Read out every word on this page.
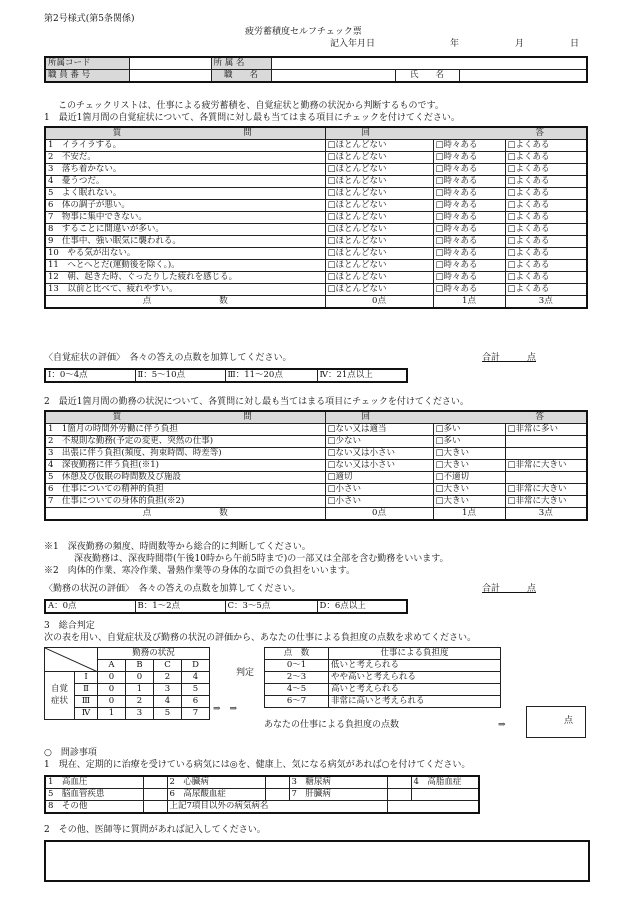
第2号様式(第5条関係)
疲労蓄積度セルフチェック票
記入年月日	年	月	日
所属コード		所 属 名			
職 員 番 号		職　　名		氏　　名	
このチェックリストは、仕事による疲労蓄積を、自覚症状と勤務の状況から判断するものです。
1　最近1箇月間の自覚症状について、各質問に対し最も当てはまる項目にチェックを付けてください。
質　　　　　　　　問	回　　　　　　　　　　　答		
1　イライラする。	□ほとんどない	□時々ある	□よくある
2　不安だ。	□ほとんどない	□時々ある	□よくある
3　落ち着かない。	□ほとんどない	□時々ある	□よくある
4　憂うつだ。	□ほとんどない	□時々ある	□よくある
5　よく眠れない。	□ほとんどない	□時々ある	□よくある
6　体の調子が悪い。	□ほとんどない	□時々ある	□よくある
7　物事に集中できない。	□ほとんどない	□時々ある	□よくある
8　することに間違いが多い。	□ほとんどない	□時々ある	□よくある
9　仕事中、強い眠気に襲われる。	□ほとんどない	□時々ある	□よくある
10　やる気が出ない。	□ほとんどない	□時々ある	□よくある
11　へとへとだ(運動後を除く。)。	□ほとんどない	□時々ある	□よくある
12　朝、起きた時、ぐったりした疲れを感じる。	□ほとんどない	□時々ある	□よくある
13　以前と比べて、疲れやすい。	□ほとんどない	□時々ある	□よくある
点　　　　　　　　数	0点	1点	3点
〈自覚症状の評価〉　各々の答えの点数を加算してください。	合計　　　点
Ⅰ：0～4点	Ⅱ：5～10点	Ⅲ：11～20点	Ⅳ：21点以上
2　最近1箇月間の勤務の状況について、各質問に対し最も当てはまる項目にチェックを付けてください。
質　　　　　　　　問	回　　　　　　　　　　　答		
1　1箇月の時間外労働に伴う負担	□ない又は適当	□多い	□非常に多い
2　不規則な勤務(予定の変更、突然の仕事)	□少ない	□多い	
3　出張に伴う負担(頻度、拘束時間、時差等)	□ない又は小さい	□大きい	
4　深夜勤務に伴う負担(※1)	□ない又は小さい	□大きい	□非常に大きい
5　休憩及び仮眠の時間数及び施設	□適切	□不適切	
6　仕事についての精神的負担	□小さい	□大きい	□非常に大きい
7　仕事についての身体的負担(※2)	□小さい	□大きい	□非常に大きい
点　　　　　　　　数	0点	1点	3点
※1　深夜勤務の頻度、時間数等から総合的に判断してください。
深夜勤務は、深夜時間帯(午後10時から午前5時まで)の一部又は全部を含む勤務をいいます。
※2　肉体的作業、寒冷作業、暑熱作業等の身体的な面での負担をいいます。
〈勤務の状況の評価〉　各々の答えの点数を加算してください。	合計　　　点
A：0点	B：1～2点	C：3～5点	D：6点以上
3　総合判定
次の表を用い、自覚症状及び勤務の状況の評価から、あなたの仕事による負担度の点数を求めてください。
	勤務の状況			
		A	B	C	D
自覚症状	Ⅰ	0	0	2	4
	Ⅱ	0	1	3	5
	Ⅲ	0	2	4	6
	Ⅳ	1	3	5	7 ⇒　⇒
判定
点　数	仕事による負担度
0～1	低いと考えられる
2～3	やや高いと考えられる
4～5	高いと考えられる
6～7	非常に高いと考えられる
あなたの仕事による負担度の点数	⇒	点
○　問診事項
1　現在、定期的に治療を受けている病気には◎を、健康上、気になる病気があれば○を付けてください。
1　高血圧		2　心臓病		3　糖尿病		4　高脂血症
5　脳血管疾患		6　高尿酸血症		7　肝臓病		
8　その他		上記7項目以外の病気病名				
2　その他、医師等に質問があれば記入してください。
